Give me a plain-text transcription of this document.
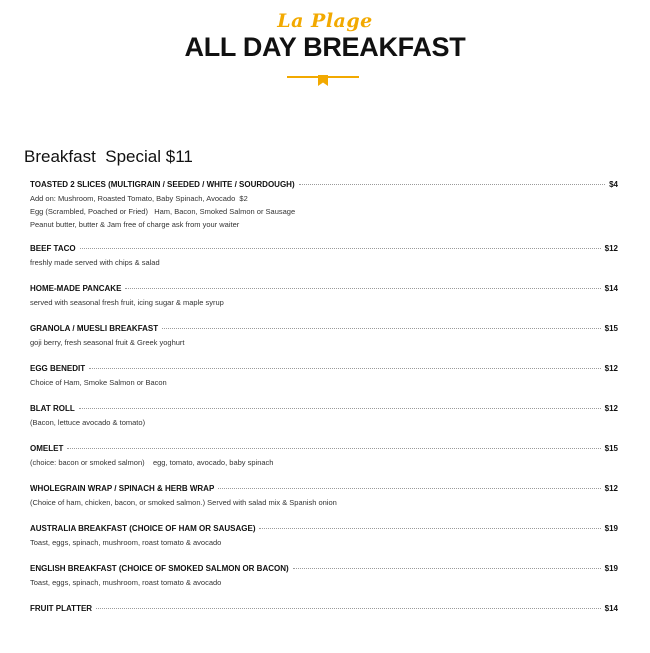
La Plage
ALL DAY BREAKFAST
Breakfast  Special $11
TOASTED 2 SLICES (MULTIGRAIN / SEEDED / WHITE / SOURDOUGH)	$4
Add on: Mushroom, Roasted Tomato, Baby Spinach, Avocado  $2
Egg (Scrambled, Poached or Fried)   Ham, Bacon, Smoked Salmon or Sausage
Peanut butter, butter & Jam free of charge ask from your waiter
BEEF TACO	$12
freshly made served with chips & salad
HOME-MADE PANCAKE	$14
served with seasonal fresh fruit, icing sugar & maple syrup
GRANOLA / MUESLI BREAKFAST	$15
goji berry, fresh seasonal fruit & Greek yoghurt
EGG BENEDIT	$12
Choice of Ham, Smoke Salmon or Bacon
BLAT ROLL	$12
(Bacon, lettuce avocado & tomato)
OMELET	$15
(choice: bacon or smoked salmon)    egg, tomato, avocado, baby spinach
WHOLEGRAIN WRAP / SPINACH & HERB WRAP	$12
(Choice of ham, chicken, bacon, or smoked salmon.) Served with salad mix & Spanish onion
AUSTRALIA BREAKFAST (CHOICE OF HAM OR SAUSAGE)	$19
Toast, eggs, spinach, mushroom, roast tomato & avocado
ENGLISH BREAKFAST (CHOICE OF SMOKED SALMON OR BACON)	$19
Toast, eggs, spinach, mushroom, roast tomato & avocado
FRUIT PLATTER	$14
